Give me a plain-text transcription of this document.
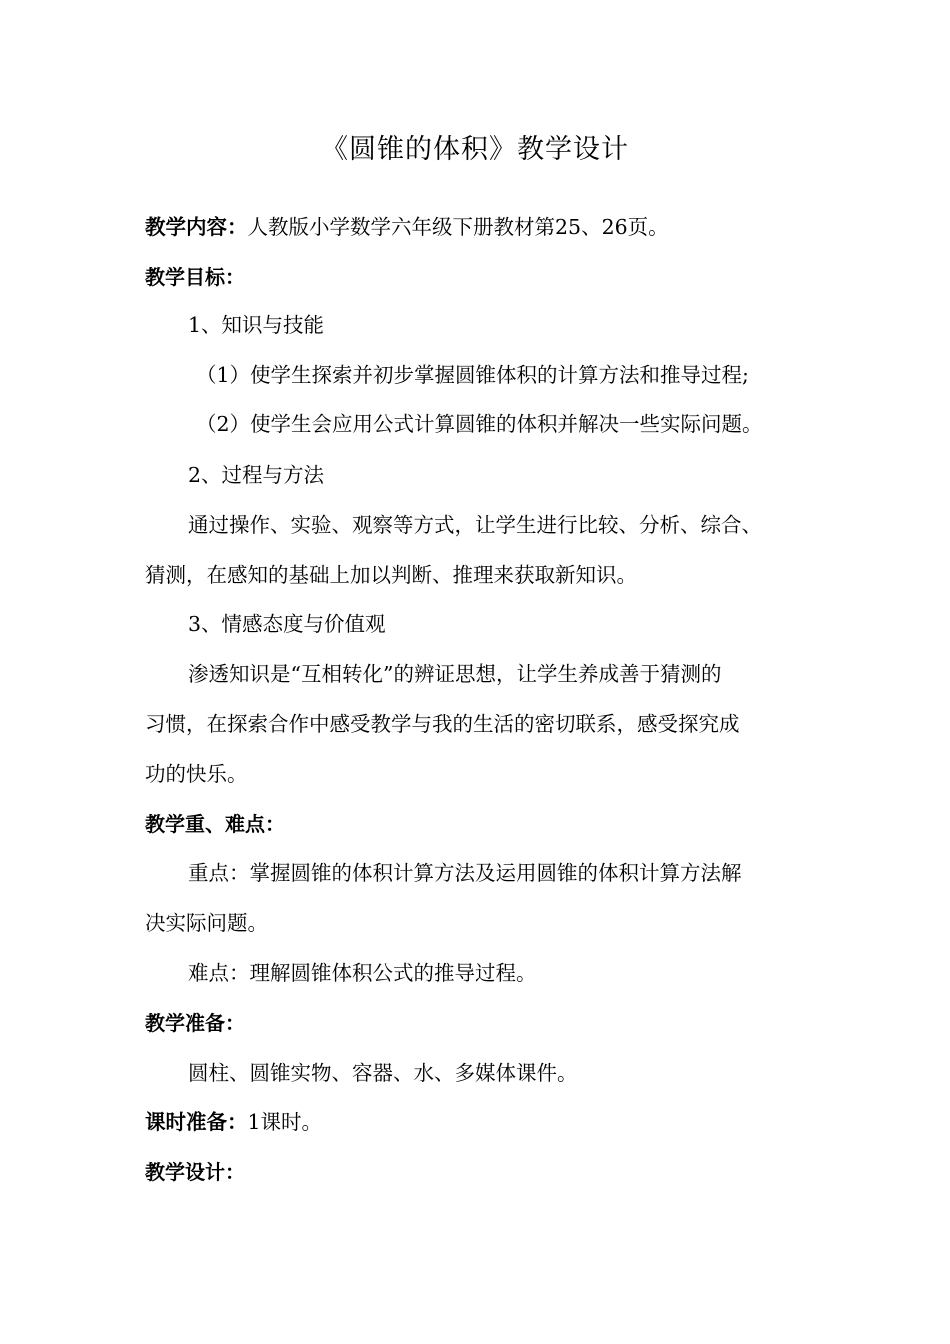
《圆锥的体积》教学设计
教学内容：人教版小学数学六年级下册教材第25、26页。
教学目标：
1、知识与技能
（1）使学生探索并初步掌握圆锥体积的计算方法和推导过程;
（2）使学生会应用公式计算圆锥的体积并解决一些实际问题。
2、过程与方法
通过操作、实验、观察等方式，让学生进行比较、分析、综合、
猜测，在感知的基础上加以判断、推理来获取新知识。
3、情感态度与价值观
渗透知识是“互相转化”的辨证思想，让学生养成善于猜测的
习惯，在探索合作中感受教学与我的生活的密切联系，感受探究成
功的快乐。
教学重、难点：
重点：掌握圆锥的体积计算方法及运用圆锥的体积计算方法解
决实际问题。
难点：理解圆锥体积公式的推导过程。
教学准备：
圆柱、圆锥实物、容器、水、多媒体课件。
课时准备：1课时。
教学设计：
